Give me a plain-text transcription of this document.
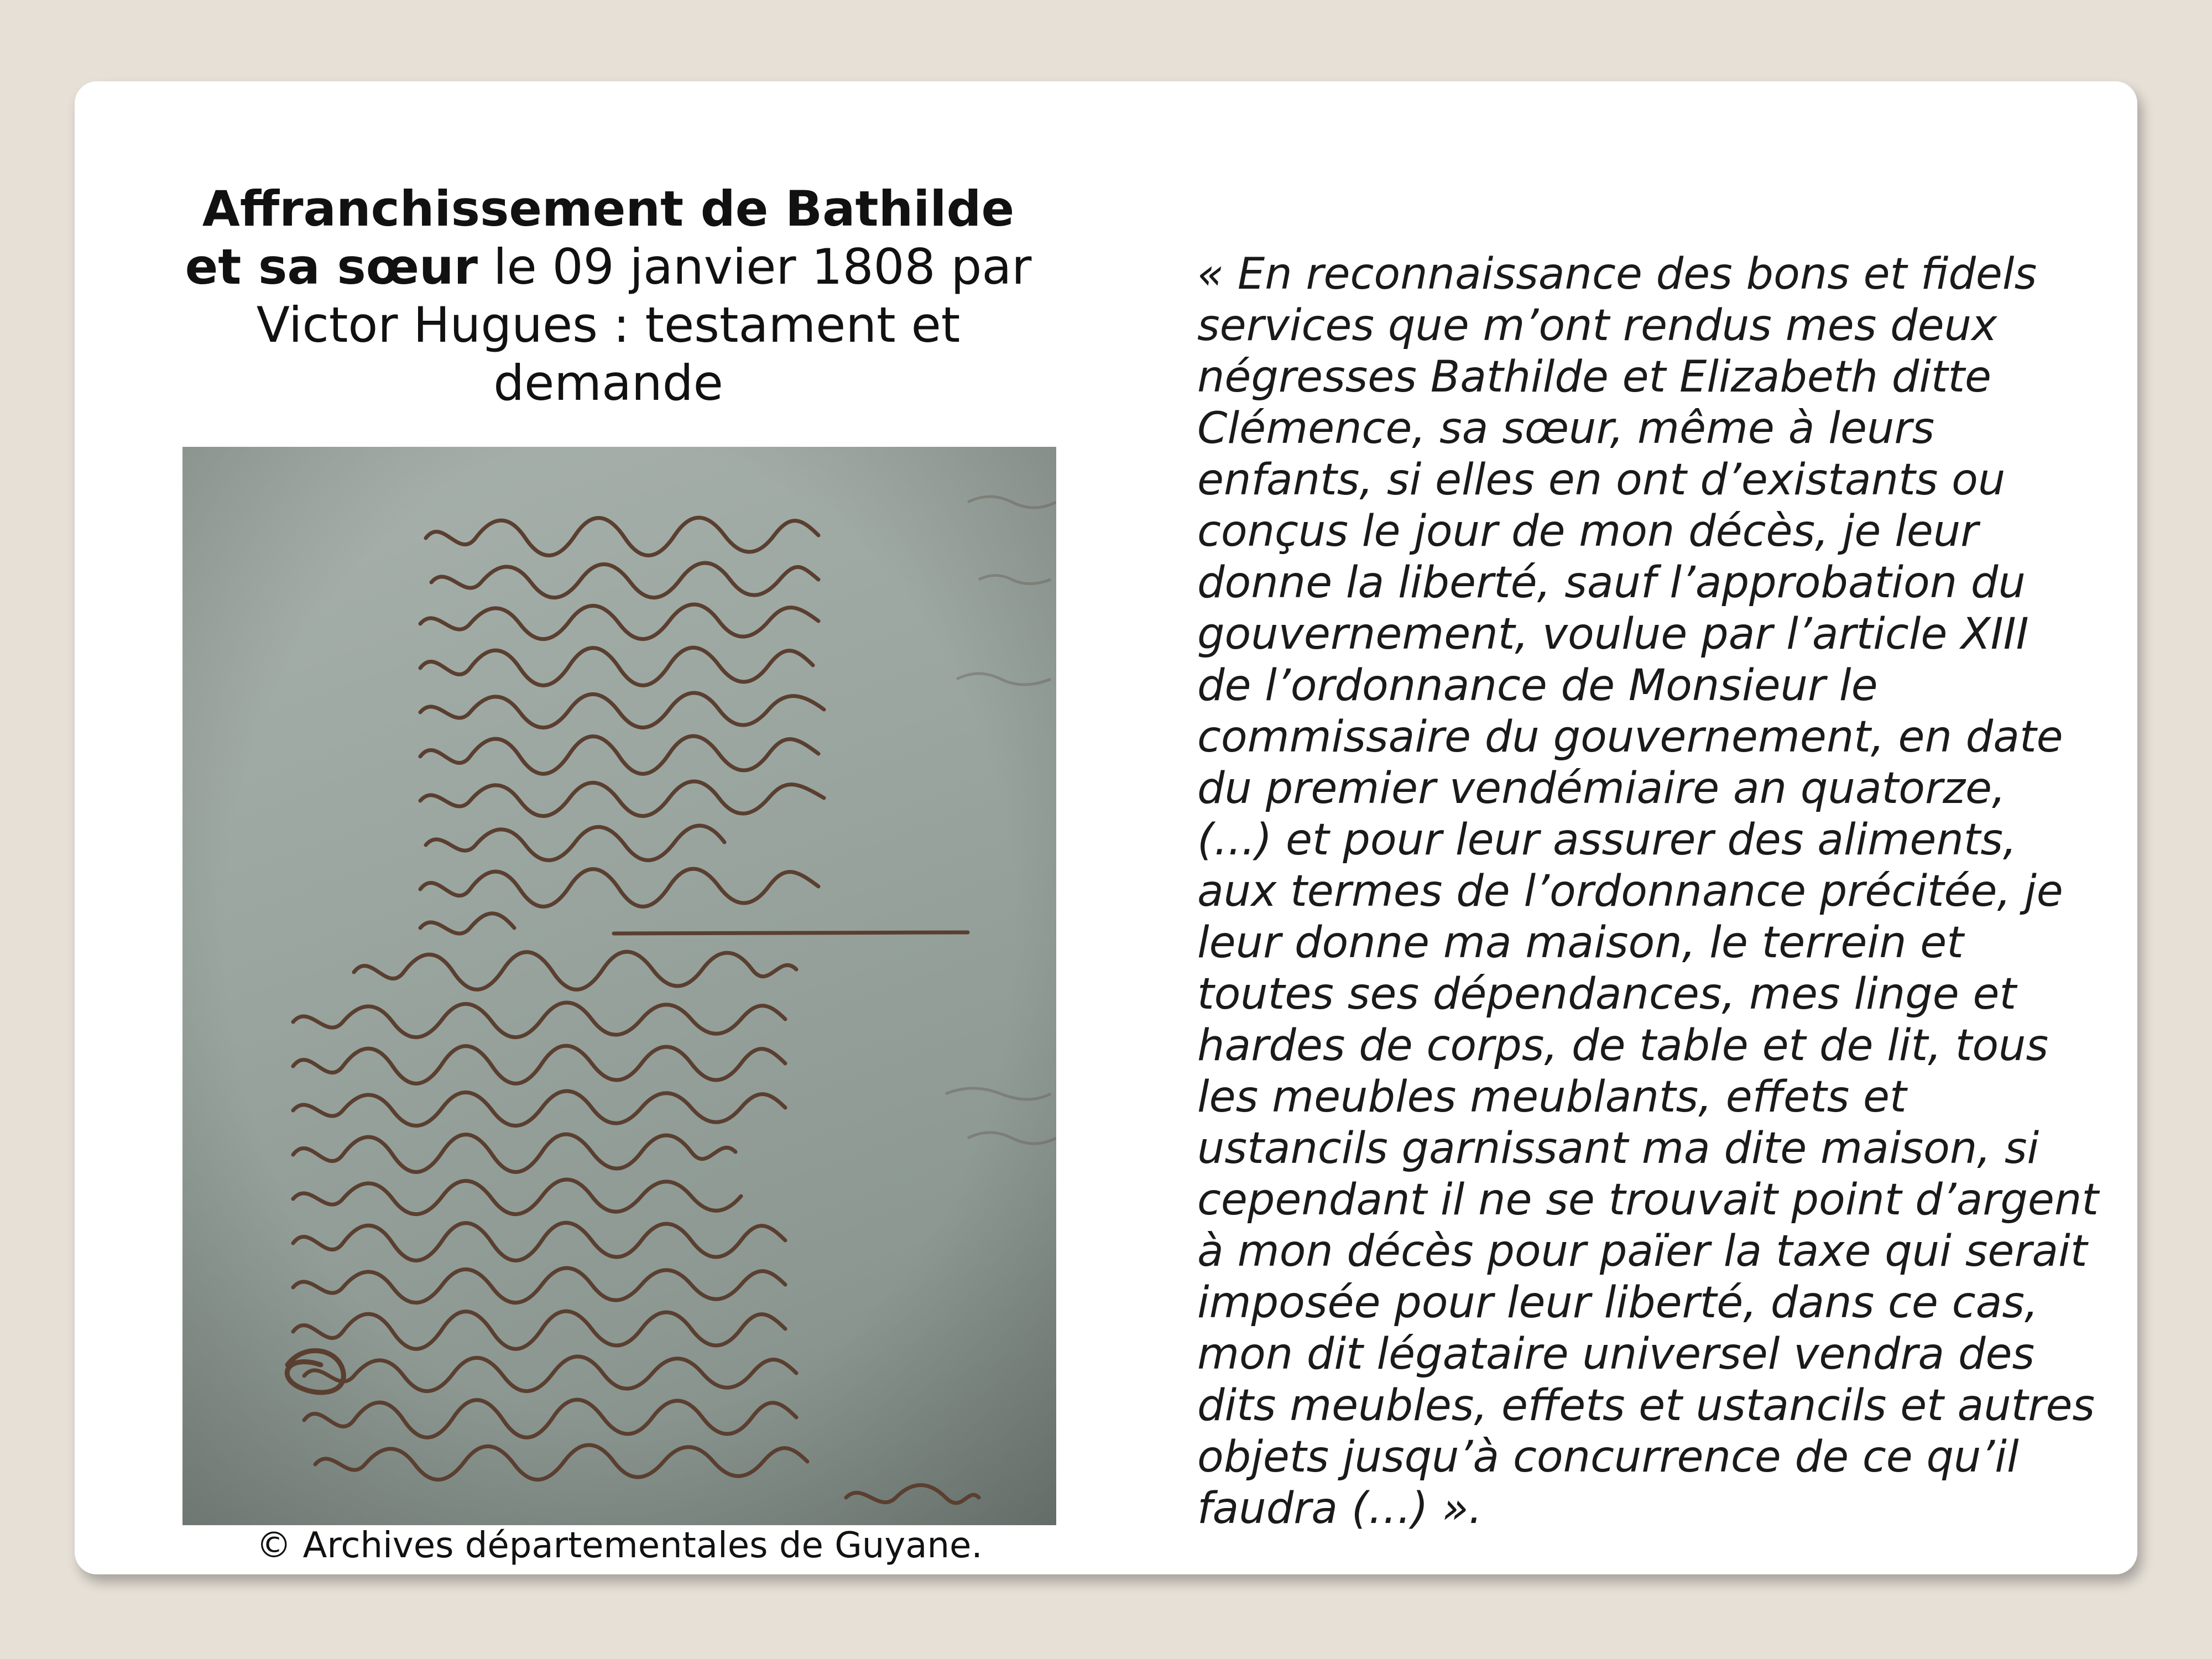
Affranchissement de Bathilde et sa sœur le 09 janvier 1808 par Victor Hugues : testament et demande
© Archives départementales de Guyane.
« En reconnaissance des bons et fidels
services que m’ont rendus mes deux
négresses Bathilde et Elizabeth ditte
Clémence, sa sœur, même à leurs
enfants, si elles en ont d’existants ou
conçus le jour de mon décès, je leur
donne la liberté, sauf l’approbation du
gouvernement, voulue par l’article XIII
de l’ordonnance de Monsieur le
commissaire du gouvernement, en date
du premier vendémiaire an quatorze,
(...) et pour leur assurer des aliments,
aux termes de l’ordonnance précitée, je
leur donne ma maison, le terrein et
toutes ses dépendances, mes linge et
hardes de corps, de table et de lit, tous
les meubles meublants, effets et
ustancils garnissant ma dite maison, si
cependant il ne se trouvait point d’argent
à mon décès pour païer la taxe qui serait
imposée pour leur liberté, dans ce cas,
mon dit légataire universel vendra des
dits meubles, effets et ustancils et autres
objets jusqu’à concurrence de ce qu’il
faudra (…) ».
